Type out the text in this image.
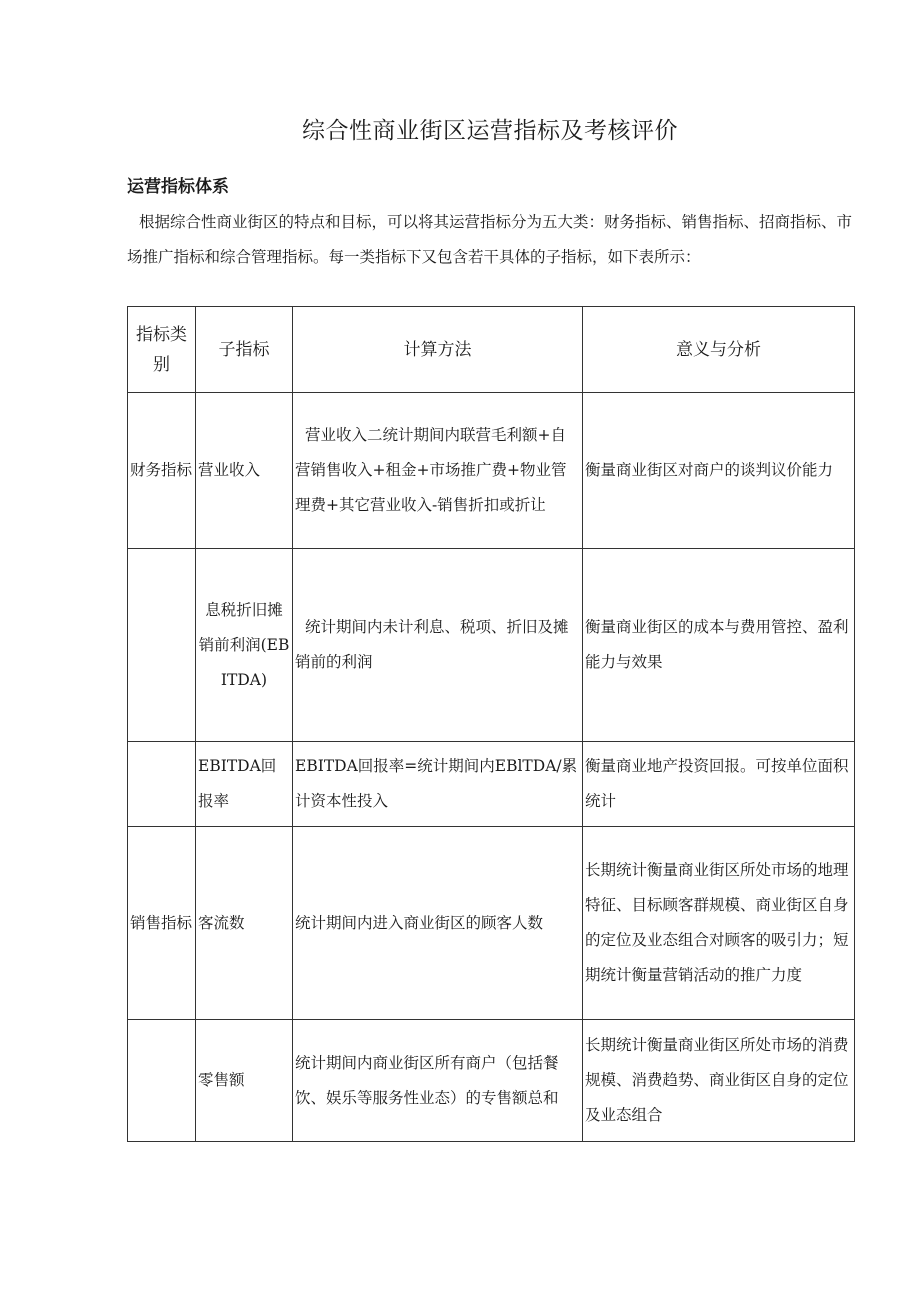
综合性商业街区运营指标及考核评价
运营指标体系
根据综合性商业街区的特点和目标，可以将其运营指标分为五大类：财务指标、销售指标、招商指标、市场推广指标和综合管理指标。每一类指标下又包含若干具体的子指标，如下表所示：
指标类别	子指标	计算方法	意义与分析
财务指标	营业收入	营业收入二统计期间内联营毛利额+自营销售收入+租金+市场推广费+物业管理费+其它营业收入-销售折扣或折让	衡量商业街区对商户的谈判议价能力
	息税折旧摊销前利润(EBITDA)	统计期间内未计利息、税项、折旧及摊销前的利润	衡量商业街区的成本与费用管控、盈利能力与效果
	EBITDA回报率	EBITDA回报率=统计期间内EBlTDA/累计资本性投入	衡量商业地产投资回报。可按单位面积统计
销售指标	客流数	统计期间内进入商业街区的顾客人数	长期统计衡量商业街区所处市场的地理特征、目标顾客群规模、商业街区自身的定位及业态组合对顾客的吸引力；短期统计衡量营销活动的推广力度
	零售额	统计期间内商业街区所有商户（包括餐饮、娱乐等服务性业态）的专售额总和	长期统计衡量商业街区所处市场的消费规模、消费趋势、商业街区自身的定位及业态组合
